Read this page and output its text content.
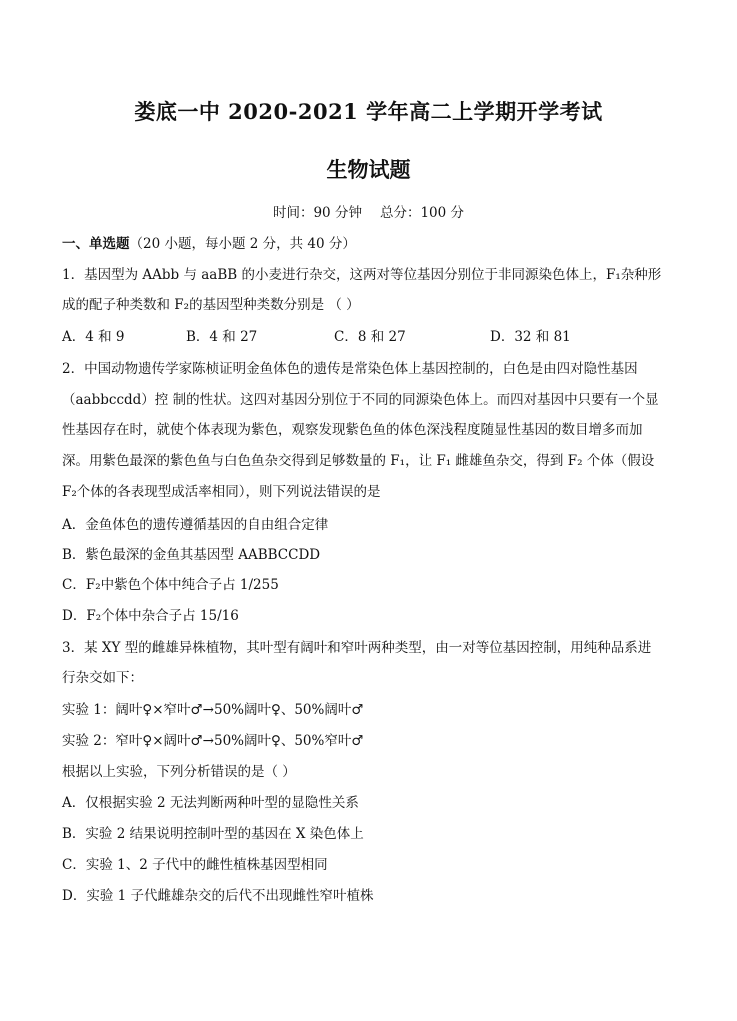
娄底一中 2020-2021 学年高二上学期开学考试
生物试题
时间：90 分钟 总分：100 分
一、单选题（20 小题，每小题 2 分，共 40 分）
1．基因型为 AAbb 与 aaBB 的小麦进行杂交，这两对等位基因分别位于非同源染色体上，F₁杂种形
成的配子种类数和 F₂的基因型种类数分别是 （ ）
A．4 和 9	B．4 和 27	C．8 和 27	D．32 和 81
2．中国动物遗传学家陈桢证明金鱼体色的遗传是常染色体上基因控制的，白色是由四对隐性基因
（aabbccdd）控 制的性状。这四对基因分别位于不同的同源染色体上。而四对基因中只要有一个显
性基因存在时，就使个体表现为紫色，观察发现紫色鱼的体色深浅程度随显性基因的数目增多而加
深。用紫色最深的紫色鱼与白色鱼杂交得到足够数量的 F₁，让 F₁ 雌雄鱼杂交，得到 F₂ 个体（假设
F₂个体的各表现型成活率相同），则下列说法错误的是
A．金鱼体色的遗传遵循基因的自由组合定律
B．紫色最深的金鱼其基因型 AABBCCDD
C．F₂中紫色个体中纯合子占 1/255
D．F₂个体中杂合子占 15/16
3．某 XY 型的雌雄异株植物，其叶型有阔叶和窄叶两种类型，由一对等位基因控制，用纯种品系进
行杂交如下：
实验 1：阔叶♀×窄叶♂→50%阔叶♀、50%阔叶♂
实验 2：窄叶♀×阔叶♂→50%阔叶♀、50%窄叶♂
根据以上实验，下列分析错误的是（ ）
A．仅根据实验 2 无法判断两种叶型的显隐性关系
B．实验 2 结果说明控制叶型的基因在 X 染色体上
C．实验 1、2 子代中的雌性植株基因型相同
D．实验 1 子代雌雄杂交的后代不出现雌性窄叶植株
